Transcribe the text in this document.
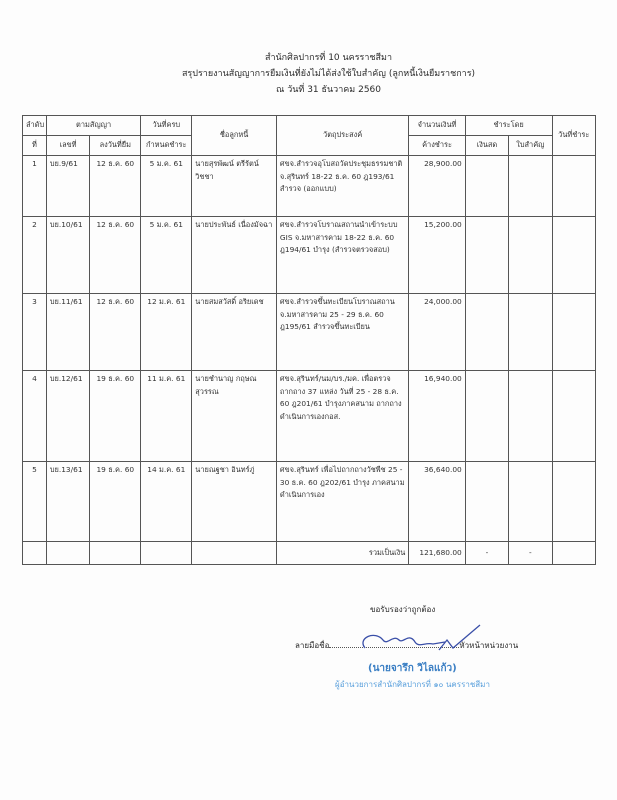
สำนักศิลปากรที่ 10 นครราชสีมา
สรุปรายงานสัญญาการยืมเงินที่ยังไม่ได้ส่งใช้ใบสำคัญ (ลูกหนี้เงินยืมราชการ)
ณ วันที่ 31 ธันวาคม 2560
ลำดับ	ตามสัญญา		วันที่ครบ	ชื่อลูกหนี้	วัตถุประสงค์	จำนวนเงินที่	ชำระโดย		วันที่ชำระ
ที่	เลขที่	ลงวันที่ยืม	กำหนดชำระ			ค้างชำระ	เงินสด	ใบสำคัญ	
1	บย.9/61	12 ธ.ค. 60	5 ม.ค. 61	นายสุรพัฒน์ ตรีรัตน์วิชชา	ศขจ.สำรวจอุโบสถวัดประชุมธรรมชาติ จ.สุรินทร์ 18-22 ธ.ค. 60 ฎ193/61 สำรวจ (ออกแบบ)	28,900.00			
2	บย.10/61	12 ธ.ค. 60	5 ม.ค. 61	นายประพันธ์ เนื่องมัจฉา	ศขจ.สำรวจโบราณสถานนำเข้าระบบ GIS จ.มหาสารคาม 18-22 ธ.ค. 60 ฎ194/61 บำรุง (สำรวจตรวจสอบ)	15,200.00			
3	บย.11/61	12 ธ.ค. 60	12 ม.ค. 61	นายสมสวัสดิ์ อริยเดช	ศขจ.สำรวจขึ้นทะเบียนโบราณสถาน จ.มหาสารคาม 25 - 29 ธ.ค. 60 ฎ195/61 สำรวจขึ้นทะเบียน	24,000.00			
4	บย.12/61	19 ธ.ค. 60	11 ม.ค. 61	นายชำนาญ กฤษณสุวรรณ	ศขจ.สุรินทร์/นม/บร./มค. เพื่อตรวจถากถาง 37 แหล่ง วันที่ 25 - 28 ธ.ค. 60 ฎ201/61 บำรุงภาคสนาม ถากถางดำเนินการเองกอส.	16,940.00			
5	บย.13/61	19 ธ.ค. 60	14 ม.ค. 61	นายณฐชา อินทร์ภู่	ศขจ.สุรินทร์ เพื่อไปถากถางวัชพืช 25 - 30 ธ.ค. 60 ฎ202/61 บำรุง ภาคสนาม ดำเนินการเอง	36,640.00			
					รวมเป็นเงิน	121,680.00	-	-	
ขอรับรองว่าถูกต้อง
ลายมือชื่อ	หัวหน้าหน่วยงาน
(นายจารึก วิไลแก้ว)
ผู้อำนวยการสำนักศิลปากรที่ ๑๐ นครราชสีมา
